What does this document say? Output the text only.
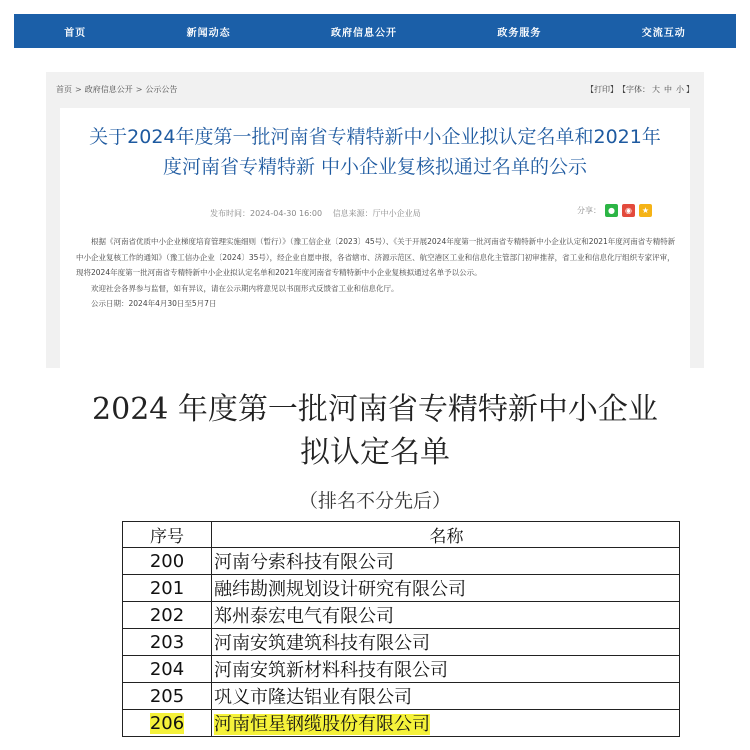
首页	新闻动态	政府信息公开	政务服务	交流互动
首页 > 政府信息公开 > 公示公告	【打印】 【字体： 大 中 小 】
关于2024年度第一批河南省专精特新中小企业拟认定名单和2021年度河南省专精特新 中小企业复核拟通过名单的公示
发布时间：2024-04-30 16:00 信息来源：厅中小企业局	分享： ●	◉	★

根据《河南省优质中小企业梯度培育管理实施细则（暂行）》（豫工信企业〔2023〕45号）、《关于开展2024年度第一批河南省专精特新中小企业认定和2021年度河南省专精特新中小企业复核工作的通知》（豫工信办企业〔2024〕35号），经企业自愿申报，各省辖市、济源示范区、航空港区工业和信息化主管部门初审推荐，省工业和信息化厅组织专家评审，现将2024年度第一批河南省专精特新中小企业拟认定名单和2021年度河南省专精特新中小企业复核拟通过名单予以公示。

欢迎社会各界参与监督，如有异议，请在公示期内将意见以书面形式反馈省工业和信息化厅。

公示日期：2024年4月30日至5月7日

2024 年度第一批河南省专精特新中小企业
拟认定名单
（排名不分先后）
序号	名称
200	河南兮索科技有限公司
201	融纬勘测规划设计研究有限公司
202	郑州泰宏电气有限公司
203	河南安筑建筑科技有限公司
204	河南安筑新材料科技有限公司
205	巩义市隆达铝业有限公司
206	河南恒星钢缆股份有限公司
